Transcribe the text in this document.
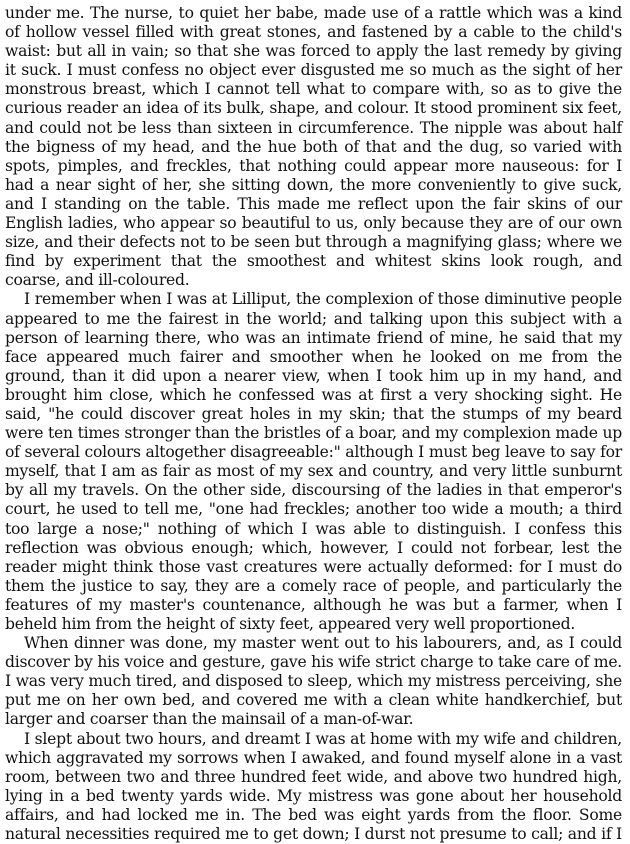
under me. The nurse, to quiet her babe, made use of a rattle which was a kind of hollow vessel filled with great stones, and fastened by a cable to the child's waist: but all in vain; so that she was forced to apply the last remedy by giving it suck. I must confess no object ever disgusted me so much as the sight of her monstrous breast, which I cannot tell what to compare with, so as to give the curious reader an idea of its bulk, shape, and colour. It stood prominent six feet, and could not be less than sixteen in circumference. The nipple was about half the bigness of my head, and the hue both of that and the dug, so varied with spots, pimples, and freckles, that nothing could appear more nauseous: for I had a near sight of her, she sitting down, the more conveniently to give suck, and I standing on the table. This made me reflect upon the fair skins of our English ladies, who appear so beautiful to us, only because they are of our own size, and their defects not to be seen but through a magnifying glass; where we find by experiment that the smoothest and whitest skins look rough, and coarse, and ill-coloured.

I remember when I was at Lilliput, the complexion of those diminutive people appeared to me the fairest in the world; and talking upon this subject with a person of learning there, who was an intimate friend of mine, he said that my face appeared much fairer and smoother when he looked on me from the ground, than it did upon a nearer view, when I took him up in my hand, and brought him close, which he confessed was at first a very shocking sight. He said, "he could discover great holes in my skin; that the stumps of my beard were ten times stronger than the bristles of a boar, and my complexion made up of several colours altogether disagreeable:" although I must beg leave to say for myself, that I am as fair as most of my sex and country, and very little sunburnt by all my travels. On the other side, discoursing of the ladies in that emperor's court, he used to tell me, "one had freckles; another too wide a mouth; a third too large a nose;" nothing of which I was able to distinguish. I confess this reflection was obvious enough; which, however, I could not forbear, lest the reader might think those vast creatures were actually deformed: for I must do them the justice to say, they are a comely race of people, and particularly the features of my master's countenance, although he was but a farmer, when I beheld him from the height of sixty feet, appeared very well proportioned.

When dinner was done, my master went out to his labourers, and, as I could discover by his voice and gesture, gave his wife strict charge to take care of me. I was very much tired, and disposed to sleep, which my mistress perceiving, she put me on her own bed, and covered me with a clean white handkerchief, but larger and coarser than the mainsail of a man-of-war.

I slept about two hours, and dreamt I was at home with my wife and children, which aggravated my sorrows when I awaked, and found myself alone in a vast room, between two and three hundred feet wide, and above two hundred high, lying in a bed twenty yards wide. My mistress was gone about her household affairs, and had locked me in. The bed was eight yards from the floor. Some natural necessities required me to get down; I durst not presume to call; and if I
